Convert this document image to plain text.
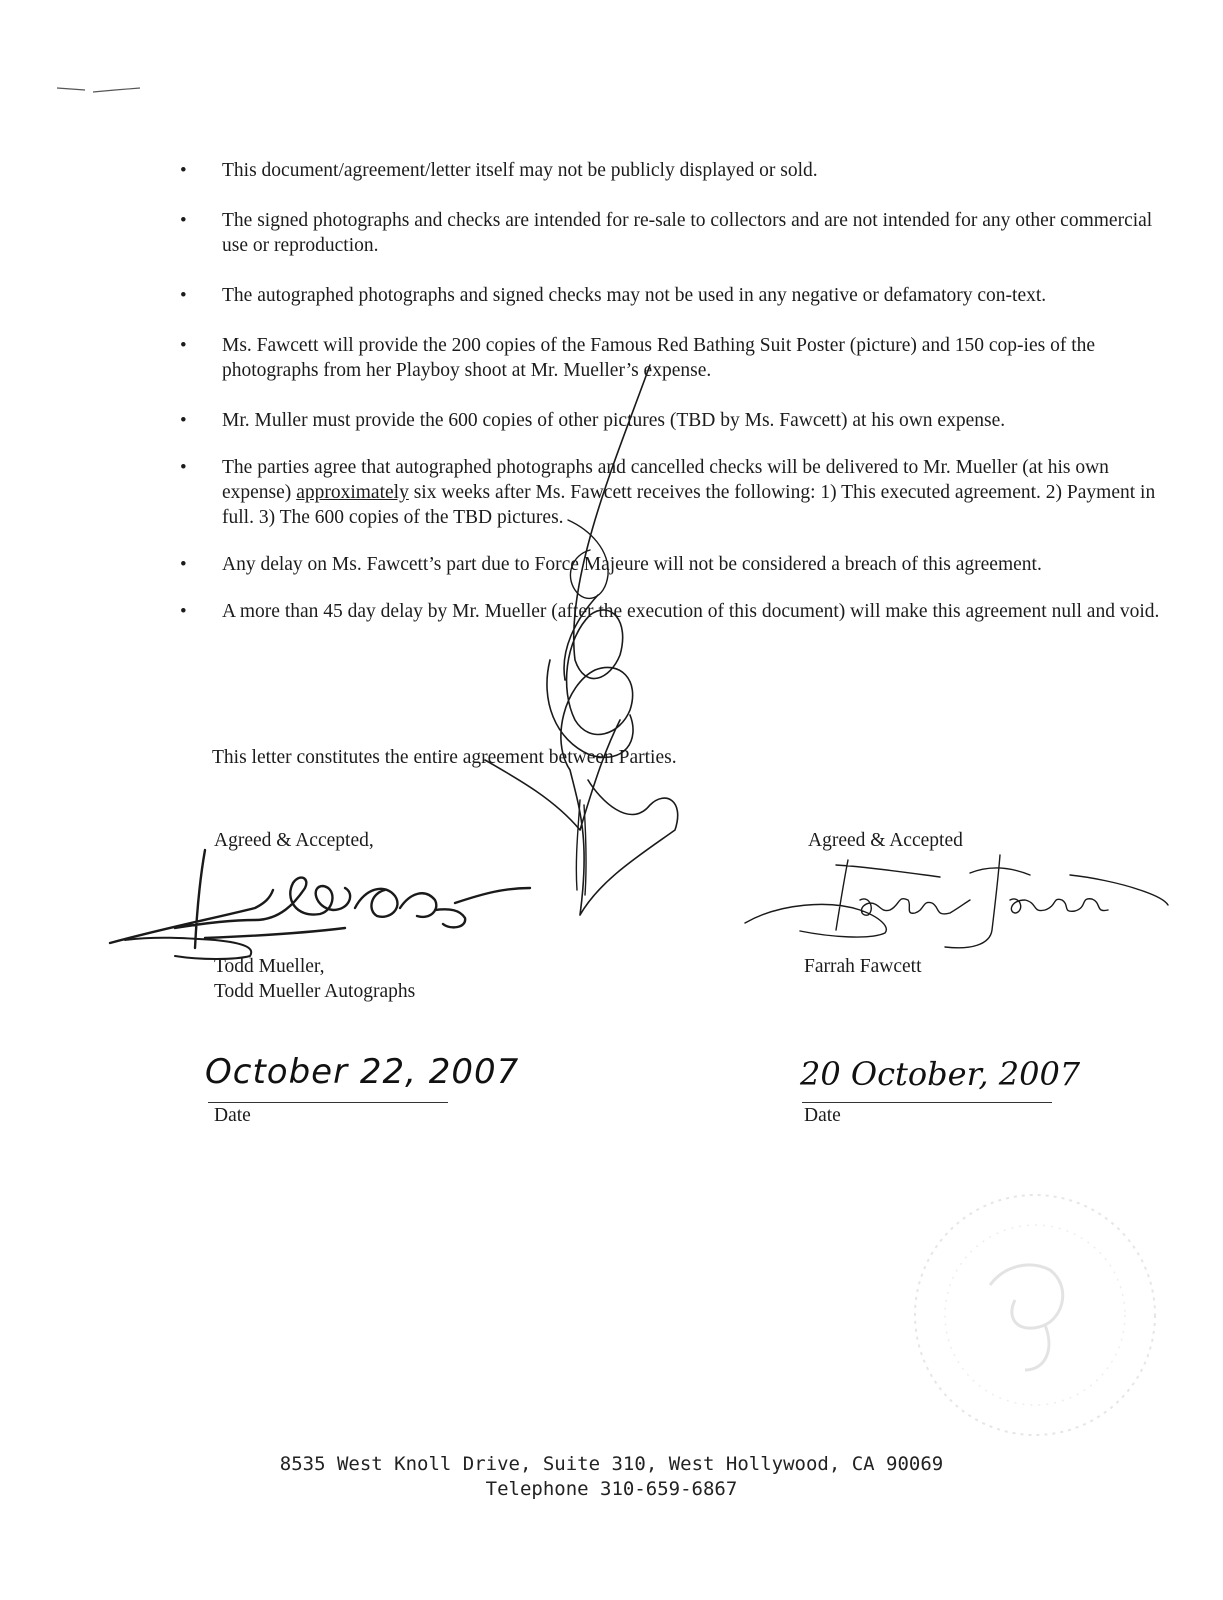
• This document/agreement/letter itself may not be publicly displayed or sold.
• The signed photographs and checks are intended for re-sale to collectors and are not intended for any other commercial use or reproduction.
• The autographed photographs and signed checks may not be used in any negative or defamatory con-text.
• Ms. Fawcett will provide the 200 copies of the Famous Red Bathing Suit Poster (picture) and 150 cop-ies of the photographs from her Playboy shoot at Mr. Mueller’s expense.
• Mr. Muller must provide the 600 copies of other pictures (TBD by Ms. Fawcett) at his own expense.
• The parties agree that autographed photographs and cancelled checks will be delivered to Mr. Mueller (at his own expense) approximately six weeks after Ms. Fawcett receives the following: 1) This executed agreement. 2) Payment in full. 3) The 600 copies of the TBD pictures.
• Any delay on Ms. Fawcett’s part due to Force Majeure will not be considered a breach of this agreement.
• A more than 45 day delay by Mr. Mueller (after the execution of this document) will make this agreement null and void.
This letter constitutes the entire agreement between Parties.
Agreed & Accepted,	Agreed & Accepted
Todd Mueller,
Todd Mueller Autographs
Farrah Fawcett
October 22, 2007
Date
20 October, 2007
Date
8535 West Knoll Drive, Suite 310, West Hollywood, CA 90069
Telephone 310-659-6867
